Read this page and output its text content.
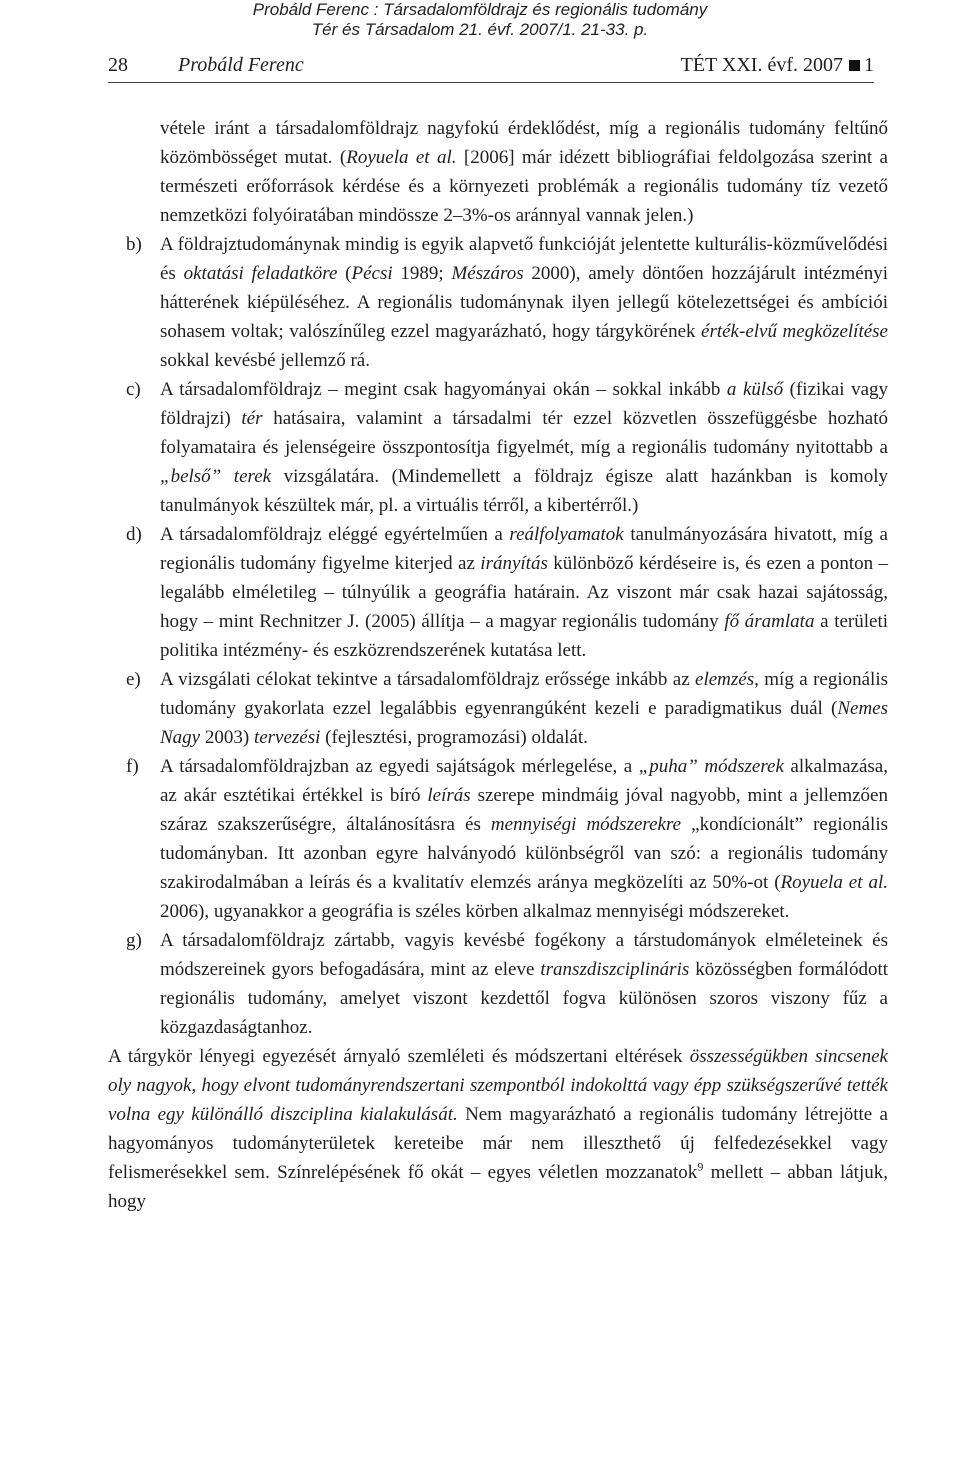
Probáld Ferenc : Társadalomföldrajz és regionális tudomány
Tér és Társadalom 21. évf. 2007/1. 21-33. p.
28	Probáld Ferenc	TÉT XXI. évf. 2007 1

vétele iránt a társadalomföldrajz nagyfokú érdeklődést, míg a regionális tudomány feltűnő közömbösséget mutat. (Royuela et al. [2006] már idézett bibliográfiai feldolgozása szerint a természeti erőforrások kérdése és a környezeti problémák a regionális tudomány tíz vezető nemzetközi folyóiratában mindössze 2–3%-os aránnyal vannak jelen.)

b) A földrajztudománynak mindig is egyik alapvető funkcióját jelentette kulturális-közművelődési és oktatási feladatköre (Pécsi 1989; Mészáros 2000), amely döntően hozzájárult intézményi hátterének kiépüléséhez. A regionális tudománynak ilyen jellegű kötelezettségei és ambíciói sohasem voltak; valószínűleg ezzel magyarázható, hogy tárgykörének érték-elvű megközelítése sokkal kevésbé jellemző rá.

c) A társadalomföldrajz – megint csak hagyományai okán – sokkal inkább a külső (fizikai vagy földrajzi) tér hatásaira, valamint a társadalmi tér ezzel közvetlen összefüggésbe hozható folyamataira és jelenségeire összpontosítja figyelmét, míg a regionális tudomány nyitottabb a „belső” terek vizsgálatára. (Mindemellett a földrajz égisze alatt hazánkban is komoly tanulmányok készültek már, pl. a virtuális térről, a kibertérről.)

d) A társadalomföldrajz eléggé egyértelműen a reálfolyamatok tanulmányozására hivatott, míg a regionális tudomány figyelme kiterjed az irányítás különböző kérdéseire is, és ezen a ponton – legalább elméletileg – túlnyúlik a geográfia határain. Az viszont már csak hazai sajátosság, hogy – mint Rechnitzer J. (2005) állítja – a magyar regionális tudomány fő áramlata a területi politika intézmény- és eszközrendszerének kutatása lett.

e) A vizsgálati célokat tekintve a társadalomföldrajz erőssége inkább az elemzés, míg a regionális tudomány gyakorlata ezzel legalábbis egyenrangúként kezeli e paradigmatikus duál (Nemes Nagy 2003) tervezési (fejlesztési, programozási) oldalát.

f) A társadalomföldrajzban az egyedi sajátságok mérlegelése, a „puha” módszerek alkalmazása, az akár esztétikai értékkel is bíró leírás szerepe mindmáig jóval nagyobb, mint a jellemzően száraz szakszerűségre, általánosításra és mennyiségi módszerekre „kondícionált” regionális tudományban. Itt azonban egyre halványodó különbségről van szó: a regionális tudomány szakirodalmában a leírás és a kvalitatív elemzés aránya megközelíti az 50%-ot (Royuela et al. 2006), ugyanakkor a geográfia is széles körben alkalmaz mennyiségi módszereket.

g) A társadalomföldrajz zártabb, vagyis kevésbé fogékony a társtudományok elméleteinek és módszereinek gyors befogadására, mint az eleve transzdiszciplináris közösségben formálódott regionális tudomány, amelyet viszont kezdettől fogva különösen szoros viszony fűz a közgazdaságtanhoz.

A tárgykör lényegi egyezését árnyaló szemléleti és módszertani eltérések összességükben sincsenek oly nagyok, hogy elvont tudományrendszertani szempontból indokolttá vagy épp szükségszerűvé tették volna egy különálló diszciplina kialakulását. Nem magyarázható a regionális tudomány létrejötte a hagyományos tudományterületek kereteibe már nem illeszthető új felfedezésekkel vagy felismerésekkel sem. Színrelépésének fő okát – egyes véletlen mozzanatok$^9$ mellett – abban látjuk, hogy
